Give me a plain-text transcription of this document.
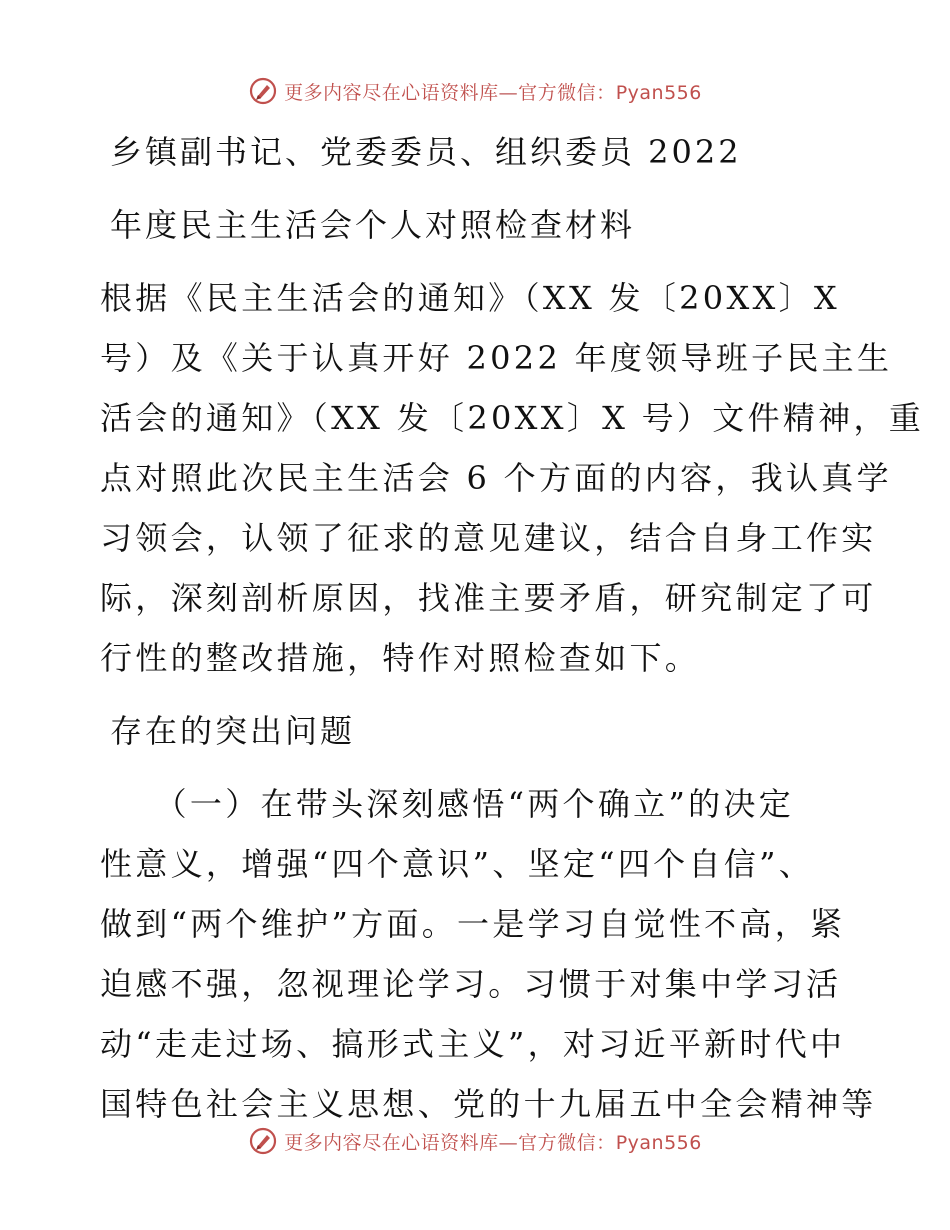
更多内容尽在心语资料库—官方微信：Pyan556
乡镇副书记、党委委员、组织委员 2022
年度民主生活会个人对照检查材料
根据《民主生活会的通知》（XX 发〔20XX〕X
号）及《关于认真开好 2022 年度领导班子民主生
活会的通知》（XX 发〔20XX〕X 号）文件精神，重
点对照此次民主生活会 6 个方面的内容，我认真学
习领会，认领了征求的意见建议，结合自身工作实
际，深刻剖析原因，找准主要矛盾，研究制定了可
行性的整改措施，特作对照检查如下。
存在的突出问题
　　（一）在带头深刻感悟“两个确立”的决定
性意义，增强“四个意识”、坚定“四个自信”、
做到“两个维护”方面。一是学习自觉性不高，紧
迫感不强，忽视理论学习。习惯于对集中学习活
动“走走过场、搞形式主义”，对习近平新时代中
国特色社会主义思想、党的十九届五中全会精神等
更多内容尽在心语资料库—官方微信：Pyan556
